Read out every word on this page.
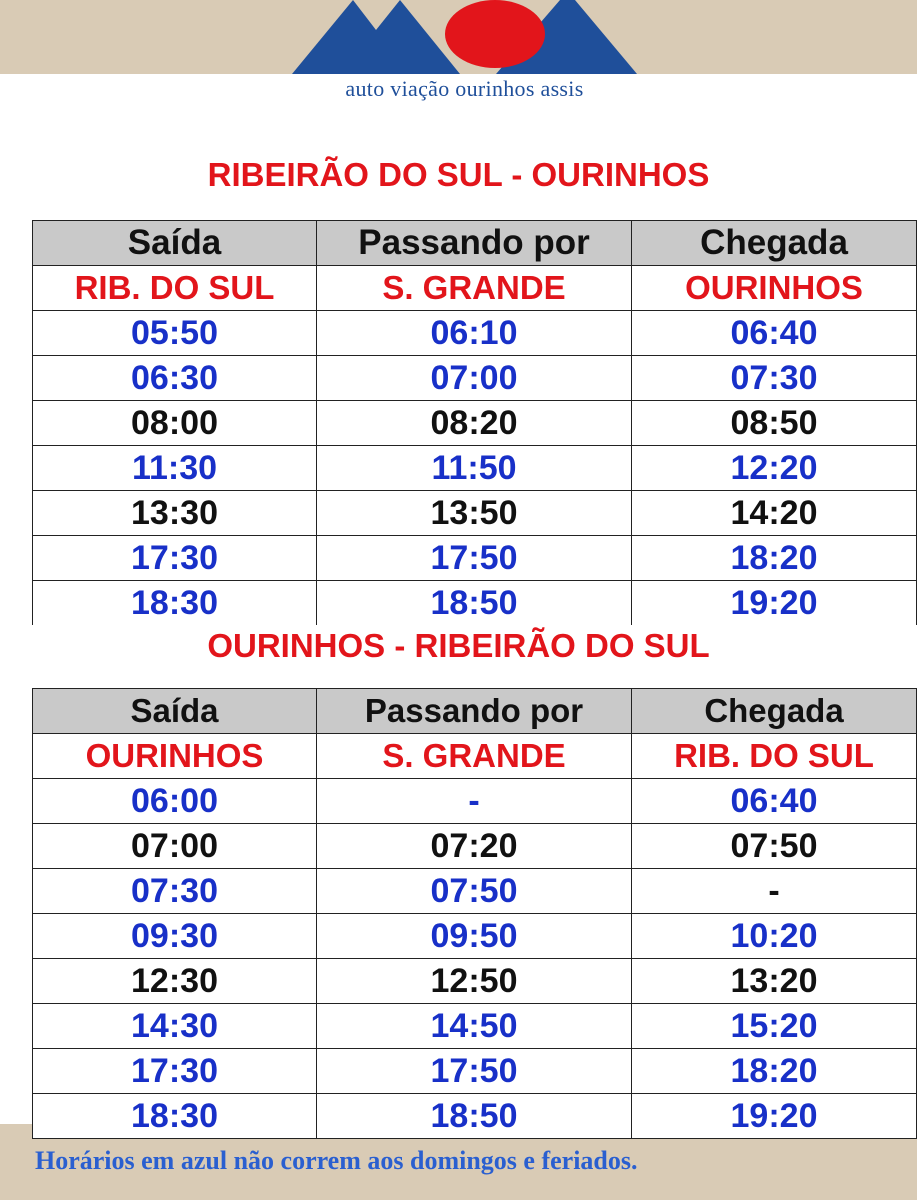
auto viação ourinhos assis
RIBEIRÃO DO SUL - OURINHOS
Saída	Passando por	Chegada
RIB. DO SUL	S. GRANDE	OURINHOS
05:50	06:10	06:40
06:30	07:00	07:30
08:00	08:20	08:50
11:30	11:50	12:20
13:30	13:50	14:20
17:30	17:50	18:20
18:30	18:50	19:20
OURINHOS - RIBEIRÃO DO SUL
Saída	Passando por	Chegada
OURINHOS	S. GRANDE	RIB. DO SUL
06:00	-	06:40
07:00	07:20	07:50
07:30	07:50	-
09:30	09:50	10:20
12:30	12:50	13:20
14:30	14:50	15:20
17:30	17:50	18:20
18:30	18:50	19:20
Horários em azul não correm aos domingos e feriados.
